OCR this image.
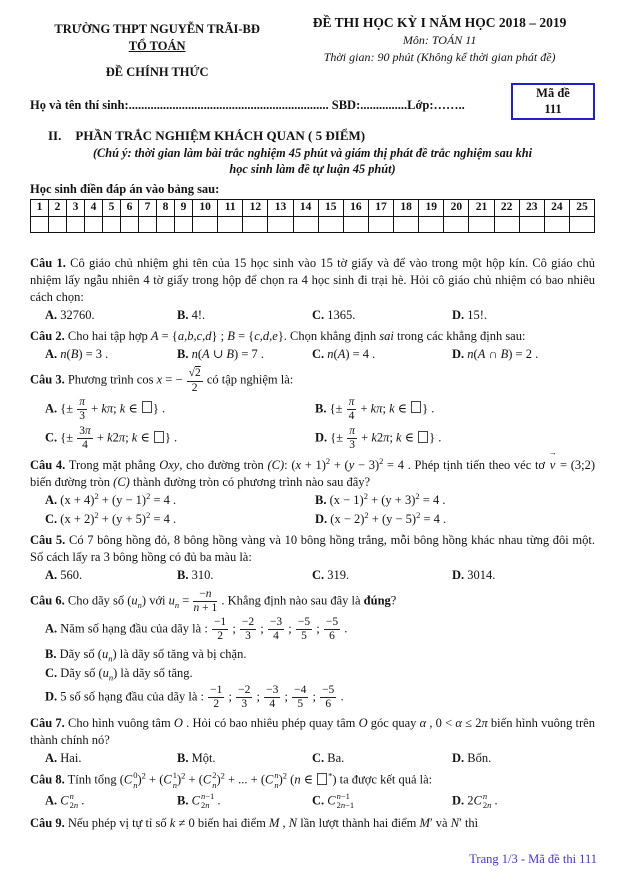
TRƯỜNG THPT NGUYỄN TRÃI-BĐ
TỔ TOÁN
ĐỀ CHÍNH THỨC
ĐỀ THI HỌC KỲ I NĂM HỌC 2018 – 2019
Môn: TOÁN 11
Thời gian: 90 phút (Không kể thời gian phát đề)
Họ và tên thí sinh:................................................................ SBD:...............Lớp:……..
Mã đề
111
II. PHẦN TRẮC NGHIỆM KHÁCH QUAN ( 5 ĐIỂM)
(Chú ý: thời gian làm bài trắc nghiệm 45 phút và giám thị phát đề trắc nghiệm sau khi
học sinh làm đề tự luận 45 phút)
Học sinh điền đáp án vào bảng sau:
1	2	3	4	5	6	7	8	9	10	11	12	13	14	15	16	17	18	19	20	21	22	23	24	25

Câu 1. Cô giáo chủ nhiệm ghi tên của 15 học sinh vào 15 tờ giấy và để vào trong một hộp kín. Cô giáo chủ nhiệm lấy ngẫu nhiên 4 tờ giấy trong hộp để chọn ra 4 học sinh đi trại hè. Hỏi cô giáo chủ nhiệm có bao nhiêu cách chọn:
A. 32760.	B. 4!.	C. 1365.	D. 15!.
Câu 2. Cho hai tập hợp A = {a,b,c,d} ; B = {c,d,e}. Chọn khẳng định sai trong các khẳng định sau:
A. n(B) = 3 .	B. n(A ∪ B) = 7 .	C. n(A) = 4 .	D. n(A ∩ B) = 2 .
Câu 3. Phương trình cos x = − $\frac{√2}{2}$ có tập nghiệm là:
A. {± $\frac{\pi}{3} + k\pi$; k ∈ } .	B. {± $\frac{\pi}{4} + k\pi$; k ∈ } .
C. {± $\frac{3\pi}{4} + k2\pi$; k ∈ } .	D. {± $\frac{\pi}{3} + k2\pi$; k ∈ } .
Câu 4. Trong mặt phẳng Oxy, cho đường tròn (C): $(x + 1)^2 + (y - 3)^2 = 4$ . Phép tịnh tiến theo véc tơ → v = (3;2) biến đường tròn (C) thành đường tròn có phương trình nào sau đây?
A. $(x + 4)^2 + (y - 1)^2 = 4$ .	B. $(x - 1)^2 + (y + 3)^2 = 4$ .
C. $(x + 2)^2 + (y + 5)^2 = 4$ .	D. $(x - 2)^2 + (y - 5)^2 = 4$ .
Câu 5. Có 7 bông hồng đỏ, 8 bông hồng vàng và 10 bông hồng trắng, mỗi bông hồng khác nhau từng đôi một. Số cách lấy ra 3 bông hồng có đủ ba màu là:
A. 560.	B. 310.	C. 319.	D. 3014.
Câu 6. Cho dãy số $(u_n)$ với $u_n = \frac{-n}{n + 1}$ . Khẳng định nào sau đây là đúng?
A. Năm số hạng đầu của dãy là : $\frac{-1}{2}$ ; $\frac{-2}{3}$ ; $\frac{-3}{4}$ ; $\frac{-5}{5}$ ; $\frac{-5}{6}$ .
B. Dãy số $(u_n)$ là dãy số tăng và bị chặn.
C. Dãy số $(u_n)$ là dãy số tăng.
D. 5 số số hạng đầu của dãy là : $\frac{-1}{2}$ ; $\frac{-2}{3}$ ; $\frac{-3}{4}$ ; $\frac{-4}{5}$ ; $\frac{-5}{6}$ .
Câu 7. Cho hình vuông tâm O . Hỏi có bao nhiêu phép quay tâm O góc quay α , 0 < α ≤ 2π biến hình vuông trên thành chính nó?
A. Hai.	B. Một.	C. Ba.	D. Bốn.
Câu 8. Tính tổng (C 0
n )$^2$ + (C 1
n )$^2$ + (C 2
n )$^2$ + ... + (C n
n )$^2$ (n ∈ *) ta được kết quả là:
A. C n
2n .	B. C n−1
2n .	C. C n−1
2n−1	D. 2C n
2n .
Câu 9. Nếu phép vị tự tỉ số k ≠ 0 biến hai điểm M , N lần lượt thành hai điểm M′ và N′ thì
Trang 1/3 - Mã đề thi 111
